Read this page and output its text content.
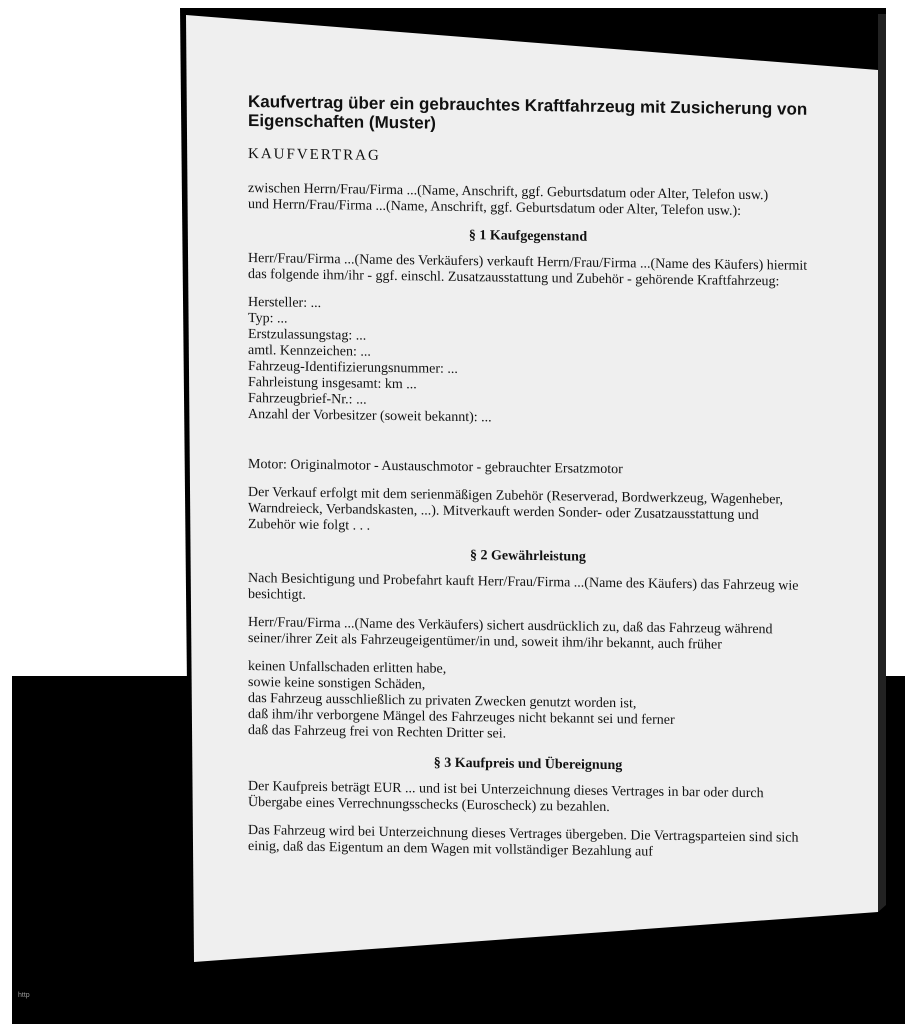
Kaufvertrag über ein gebrauchtes Kraftfahrzeug mit Zusicherung von Eigenschaften (Muster)
KAUFVERTRAG

zwischen Herrn/Frau/Firma ...(Name, Anschrift, ggf. Geburtsdatum oder Alter, Telefon usw.)

und Herrn/Frau/Firma ...(Name, Anschrift, ggf. Geburtsdatum oder Alter, Telefon usw.):

§ 1 Kaufgegenstand

Herr/Frau/Firma ...(Name des Verkäufers) verkauft Herrn/Frau/Firma ...(Name des Käufers) hiermit das folgende ihm/ihr - ggf. einschl. Zusatzausstattung und Zubehör - gehörende Kraftfahrzeug:

Hersteller: ...

Typ: ...

Erstzulassungstag: ...

amtl. Kennzeichen: ...

Fahrzeug-Identifizierungsnummer: ...

Fahrleistung insgesamt: km ...

Fahrzeugbrief-Nr.: ...

Anzahl der Vorbesitzer (soweit bekannt): ...

Motor: Originalmotor - Austauschmotor - gebrauchter Ersatzmotor

Der Verkauf erfolgt mit dem serienmäßigen Zubehör (Reserverad, Bordwerkzeug, Wagenheber, Warndreieck, Verbandskasten, ...). Mitverkauft werden Sonder- oder Zusatzausstattung und Zubehör wie folgt . . .

§ 2 Gewährleistung

Nach Besichtigung und Probefahrt kauft Herr/Frau/Firma ...(Name des Käufers) das Fahrzeug wie besichtigt.

Herr/Frau/Firma ...(Name des Verkäufers) sichert ausdrücklich zu, daß das Fahrzeug während seiner/ihrer Zeit als Fahrzeugeigentümer/in und, soweit ihm/ihr bekannt, auch früher

keinen Unfallschaden erlitten habe,

sowie keine sonstigen Schäden,

das Fahrzeug ausschließlich zu privaten Zwecken genutzt worden ist,

daß ihm/ihr verborgene Mängel des Fahrzeuges nicht bekannt sei und ferner

daß das Fahrzeug frei von Rechten Dritter sei.

§ 3 Kaufpreis und Übereignung

Der Kaufpreis beträgt EUR ... und ist bei Unterzeichnung dieses Vertrages in bar oder durch Übergabe eines Verrechnungsschecks (Euroscheck) zu bezahlen.

Das Fahrzeug wird bei Unterzeichnung dieses Vertrages übergeben. Die Vertragsparteien sind sich einig, daß das Eigentum an dem Wagen mit vollständiger Bezahlung auf

http
